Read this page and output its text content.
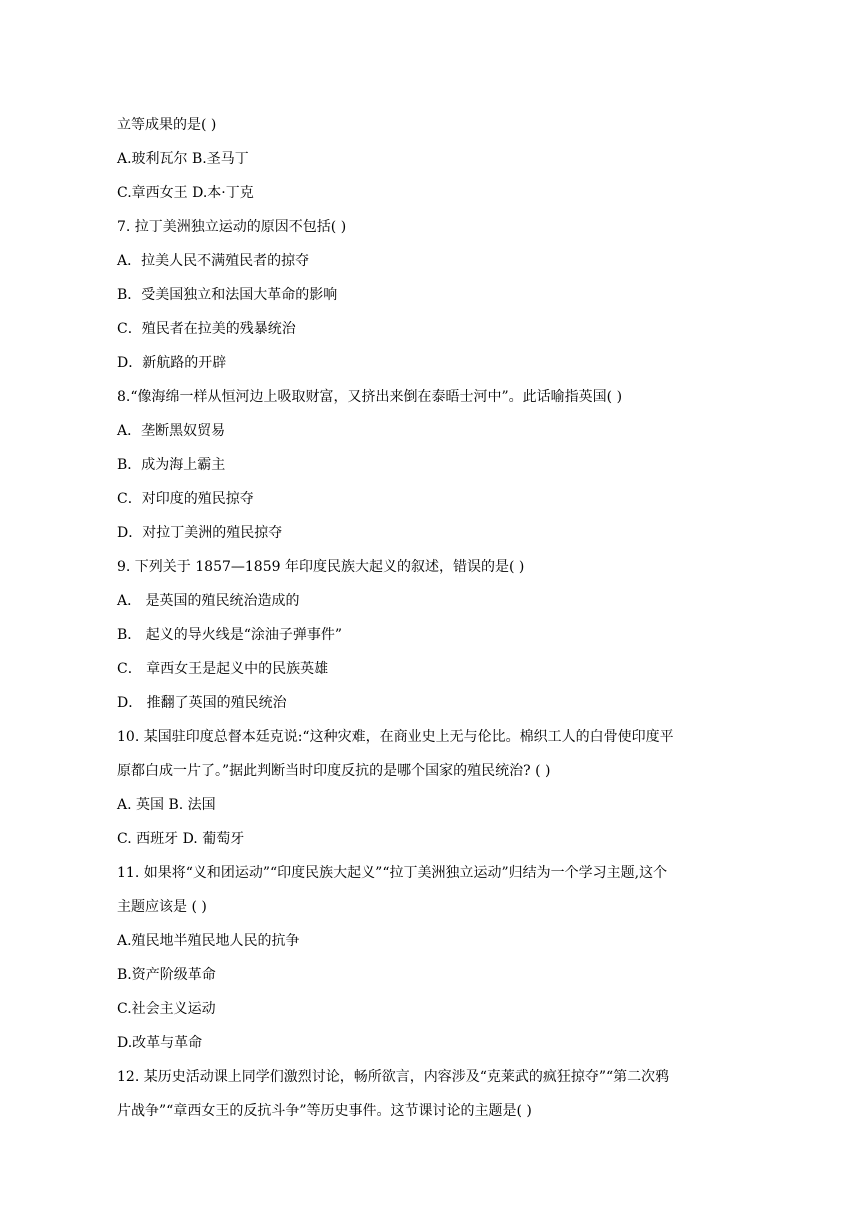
立等成果的是( )
A.玻利瓦尔 B.圣马丁
C.章西女王 D.本·丁克
7. 拉丁美洲独立运动的原因不包括( )
A．拉美人民不满殖民者的掠夺
B．受美国独立和法国大革命的影响
C．殖民者在拉美的残暴统治
D．新航路的开辟
8.“像海绵一样从恒河边上吸取财富，又挤出来倒在泰晤士河中”。此话喻指英国( )
A．垄断黑奴贸易
B．成为海上霸主
C．对印度的殖民掠夺
D．对拉丁美洲的殖民掠夺
9. 下列关于 1857—1859 年印度民族大起义的叙述，错误的是( )
A． 是英国的殖民统治造成的
B． 起义的导火线是“涂油子弹事件”
C． 章西女王是起义中的民族英雄
D． 推翻了英国的殖民统治
10. 某国驻印度总督本廷克说:“这种灾难，在商业史上无与伦比。棉织工人的白骨使印度平
原都白成一片了。”据此判断当时印度反抗的是哪个国家的殖民统治? ( )
A. 英国 B. 法国
C. 西班牙 D. 葡萄牙
11. 如果将“义和团运动”“印度民族大起义”“拉丁美洲独立运动”归结为一个学习主题,这个
主题应该是 ( )
A.殖民地半殖民地人民的抗争
B.资产阶级革命
C.社会主义运动
D.改革与革命
12. 某历史活动课上同学们激烈讨论，畅所欲言，内容涉及“克莱武的疯狂掠夺”“第二次鸦
片战争”“章西女王的反抗斗争”等历史事件。这节课讨论的主题是( )
